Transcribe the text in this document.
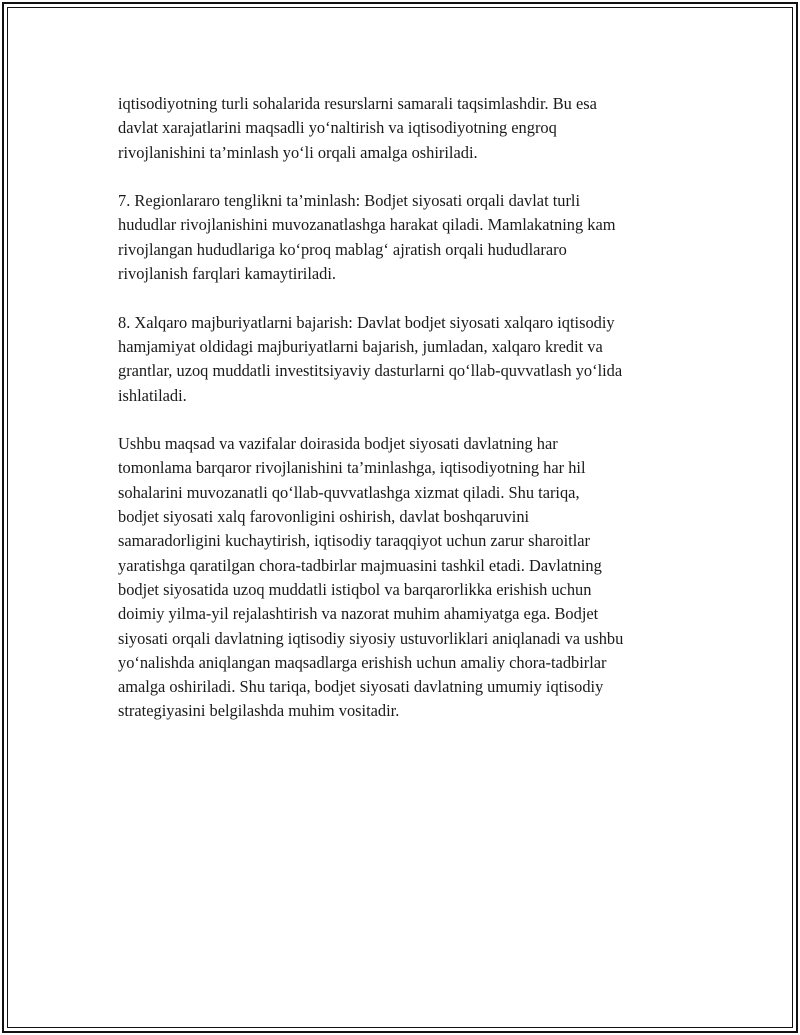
iqtisodiyotning turli sohalarida resurslarni samarali taqsimlashdir. Bu esa
davlat xarajatlarini maqsadli yo‘naltirish va iqtisodiyotning engroq
rivojlanishini ta’minlash yo‘li orqali amalga oshiriladi.

7. Regionlararo tenglikni ta’minlash: Bodjet siyosati orqali davlat turli
hududlar rivojlanishini muvozanatlashga harakat qiladi. Mamlakatning kam
rivojlangan hududlariga ko‘proq mablag‘ ajratish orqali hududlararo
rivojlanish farqlari kamaytiriladi.

8. Xalqaro majburiyatlarni bajarish: Davlat bodjet siyosati xalqaro iqtisodiy
hamjamiyat oldidagi majburiyatlarni bajarish, jumladan, xalqaro kredit va
grantlar, uzoq muddatli investitsiyaviy dasturlarni qo‘llab-quvvatlash yo‘lida
ishlatiladi.

Ushbu maqsad va vazifalar doirasida bodjet siyosati davlatning har
tomonlama barqaror rivojlanishini ta’minlashga, iqtisodiyotning har hil
sohalarini muvozanatli qo‘llab-quvvatlashga xizmat qiladi. Shu tariqa,
bodjet siyosati xalq farovonligini oshirish, davlat boshqaruvini
samaradorligini kuchaytirish, iqtisodiy taraqqiyot uchun zarur sharoitlar
yaratishga qaratilgan chora-tadbirlar majmuasini tashkil etadi. Davlatning
bodjet siyosatida uzoq muddatli istiqbol va barqarorlikka erishish uchun
doimiy yilma-yil rejalashtirish va nazorat muhim ahamiyatga ega. Bodjet
siyosati orqali davlatning iqtisodiy siyosiy ustuvorliklari aniqlanadi va ushbu
yo‘nalishda aniqlangan maqsadlarga erishish uchun amaliy chora-tadbirlar
amalga oshiriladi. Shu tariqa, bodjet siyosati davlatning umumiy iqtisodiy
strategiyasini belgilashda muhim vositadir.
